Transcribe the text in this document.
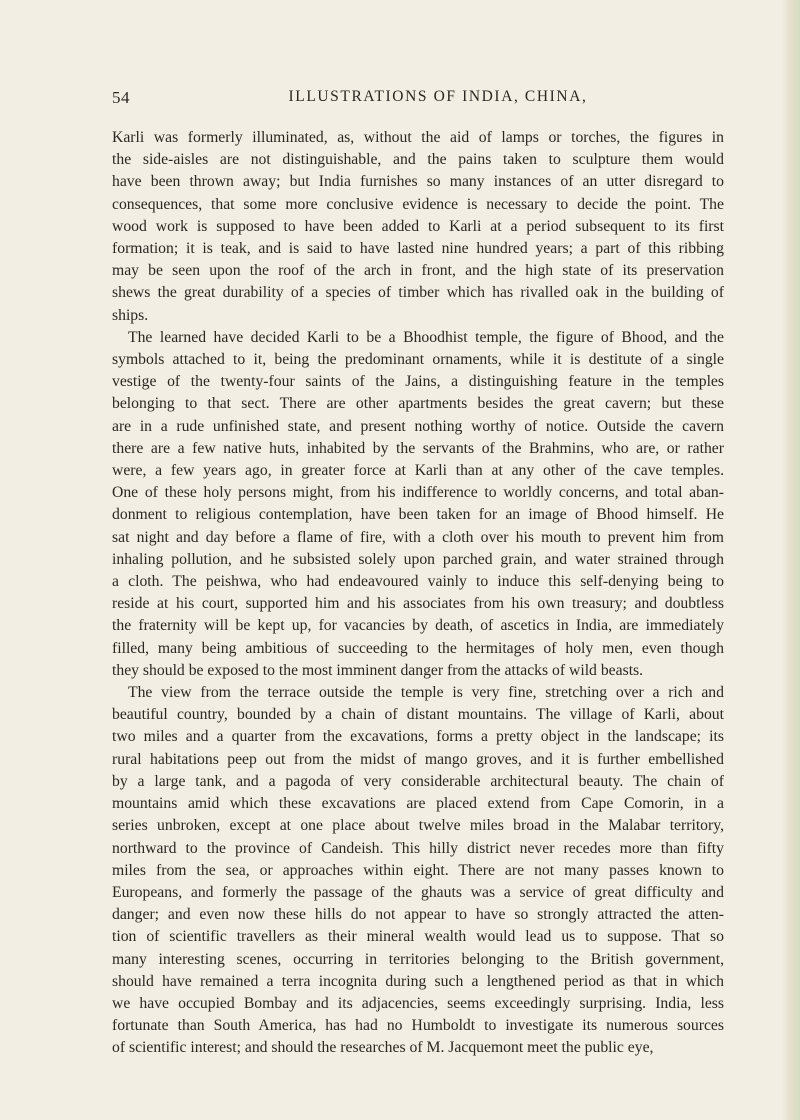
54	ILLUSTRATIONS OF INDIA, CHINA,
Karli was formerly illuminated, as, without the aid of lamps or torches, the figures in
the side-aisles are not distinguishable, and the pains taken to sculpture them would
have been thrown away; but India furnishes so many instances of an utter disregard to
consequences, that some more conclusive evidence is necessary to decide the point. The
wood work is supposed to have been added to Karli at a period subsequent to its first
formation; it is teak, and is said to have lasted nine hundred years; a part of this ribbing
may be seen upon the roof of the arch in front, and the high state of its preservation
shews the great durability of a species of timber which has rivalled oak in the building of
ships.
The learned have decided Karli to be a Bhoodhist temple, the figure of Bhood, and the
symbols attached to it, being the predominant ornaments, while it is destitute of a single
vestige of the twenty-four saints of the Jains, a distinguishing feature in the temples
belonging to that sect. There are other apartments besides the great cavern; but these
are in a rude unfinished state, and present nothing worthy of notice. Outside the cavern
there are a few native huts, inhabited by the servants of the Brahmins, who are, or rather
were, a few years ago, in greater force at Karli than at any other of the cave temples.
One of these holy persons might, from his indifference to worldly concerns, and total aban-
donment to religious contemplation, have been taken for an image of Bhood himself. He
sat night and day before a flame of fire, with a cloth over his mouth to prevent him from
inhaling pollution, and he subsisted solely upon parched grain, and water strained through
a cloth. The peishwa, who had endeavoured vainly to induce this self-denying being to
reside at his court, supported him and his associates from his own treasury; and doubtless
the fraternity will be kept up, for vacancies by death, of ascetics in India, are immediately
filled, many being ambitious of succeeding to the hermitages of holy men, even though
they should be exposed to the most imminent danger from the attacks of wild beasts.
The view from the terrace outside the temple is very fine, stretching over a rich and
beautiful country, bounded by a chain of distant mountains. The village of Karli, about
two miles and a quarter from the excavations, forms a pretty object in the landscape; its
rural habitations peep out from the midst of mango groves, and it is further embellished
by a large tank, and a pagoda of very considerable architectural beauty. The chain of
mountains amid which these excavations are placed extend from Cape Comorin, in a
series unbroken, except at one place about twelve miles broad in the Malabar territory,
northward to the province of Candeish. This hilly district never recedes more than fifty
miles from the sea, or approaches within eight. There are not many passes known to
Europeans, and formerly the passage of the ghauts was a service of great difficulty and
danger; and even now these hills do not appear to have so strongly attracted the atten-
tion of scientific travellers as their mineral wealth would lead us to suppose. That so
many interesting scenes, occurring in territories belonging to the British government,
should have remained a terra incognita during such a lengthened period as that in which
we have occupied Bombay and its adjacencies, seems exceedingly surprising. India, less
fortunate than South America, has had no Humboldt to investigate its numerous sources
of scientific interest; and should the researches of M. Jacquemont meet the public eye,
